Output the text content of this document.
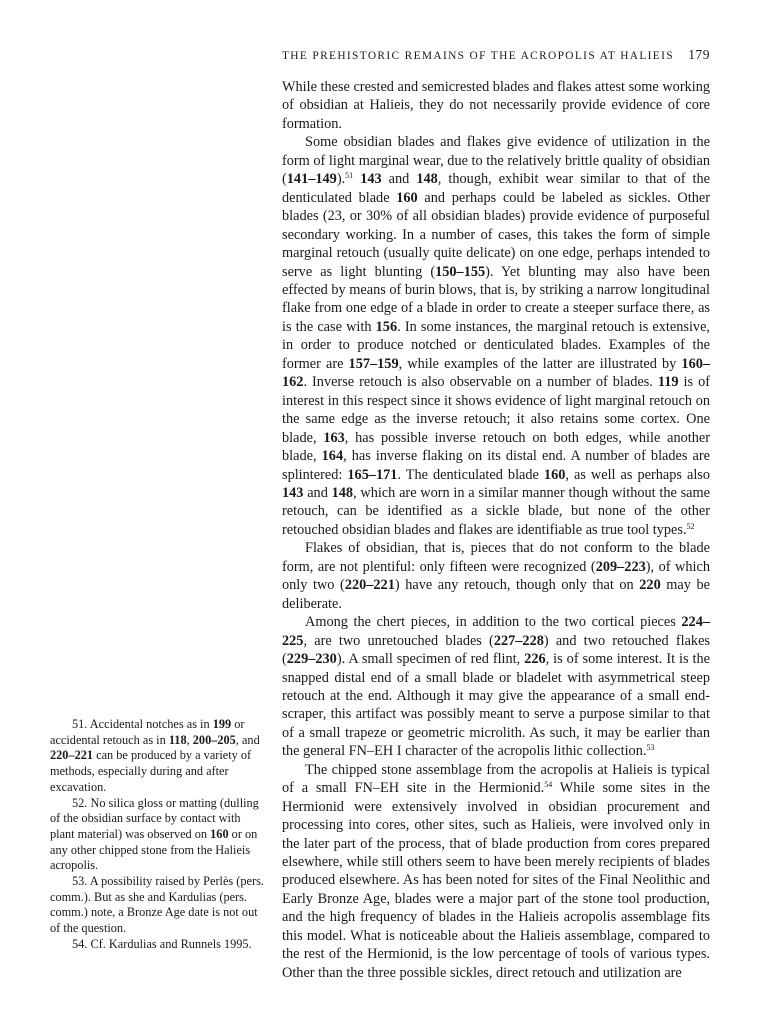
THE PREHISTORIC REMAINS OF THE ACROPOLIS AT HALIEIS 179

While these crested and semicrested blades and flakes attest some working of obsidian at Halieis, they do not necessarily provide evidence of core formation.

Some obsidian blades and flakes give evidence of utilization in the form of light marginal wear, due to the relatively brittle quality of obsidian (141–149).$^{51}$ 143 and 148, though, exhibit wear similar to that of the denticulated blade 160 and perhaps could be labeled as sickles. Other blades (23, or 30% of all obsidian blades) provide evidence of purposeful secondary working. In a number of cases, this takes the form of simple marginal retouch (usually quite delicate) on one edge, perhaps intended to serve as light blunting (150–155). Yet blunting may also have been effected by means of burin blows, that is, by striking a narrow longitudinal flake from one edge of a blade in order to create a steeper surface there, as is the case with 156. In some instances, the marginal retouch is extensive, in order to produce notched or denticulated blades. Examples of the former are 157–159, while examples of the latter are illustrated by 160–162. Inverse retouch is also observable on a number of blades. 119 is of interest in this respect since it shows evidence of light marginal retouch on the same edge as the inverse retouch; it also retains some cortex. One blade, 163, has possible inverse retouch on both edges, while another blade, 164, has inverse flaking on its distal end. A number of blades are splintered: 165–171. The denticulated blade 160, as well as perhaps also 143 and 148, which are worn in a similar manner though without the same retouch, can be identified as a sickle blade, but none of the other retouched obsidian blades and flakes are identifiable as true tool types.$^{52}$

Flakes of obsidian, that is, pieces that do not conform to the blade form, are not plentiful: only fifteen were recognized (209–223), of which only two (220–221) have any retouch, though only that on 220 may be deliberate.

Among the chert pieces, in addition to the two cortical pieces 224–225, are two unretouched blades (227–228) and two retouched flakes (229–230). A small specimen of red flint, 226, is of some interest. It is the snapped distal end of a small blade or bladelet with asymmetrical steep retouch at the end. Although it may give the appearance of a small end-scraper, this artifact was possibly meant to serve a purpose similar to that of a small trapeze or geometric microlith. As such, it may be earlier than the general FN–EH I character of the acropolis lithic collection.$^{53}$

The chipped stone assemblage from the acropolis at Halieis is typical of a small FN–EH site in the Hermionid.$^{54}$ While some sites in the Hermionid were extensively involved in obsidian procurement and processing into cores, other sites, such as Halieis, were involved only in the later part of the process, that of blade production from cores prepared elsewhere, while still others seem to have been merely recipients of blades produced elsewhere. As has been noted for sites of the Final Neolithic and Early Bronze Age, blades were a major part of the stone tool production, and the high frequency of blades in the Halieis acropolis assemblage fits this model. What is noticeable about the Halieis assemblage, compared to the rest of the Hermionid, is the low percentage of tools of various types. Other than the three possible sickles, direct retouch and utilization are

51. Accidental notches as in 199 or accidental retouch as in 118, 200–205, and 220–221 can be produced by a variety of methods, especially during and after excavation.
52. No silica gloss or matting (dulling of the obsidian surface by contact with plant material) was observed on 160 or on any other chipped stone from the Halieis acropolis.
53. A possibility raised by Perlès (pers. comm.). But as she and Kardulias (pers. comm.) note, a Bronze Age date is not out of the question.
54. Cf. Kardulias and Runnels 1995.
